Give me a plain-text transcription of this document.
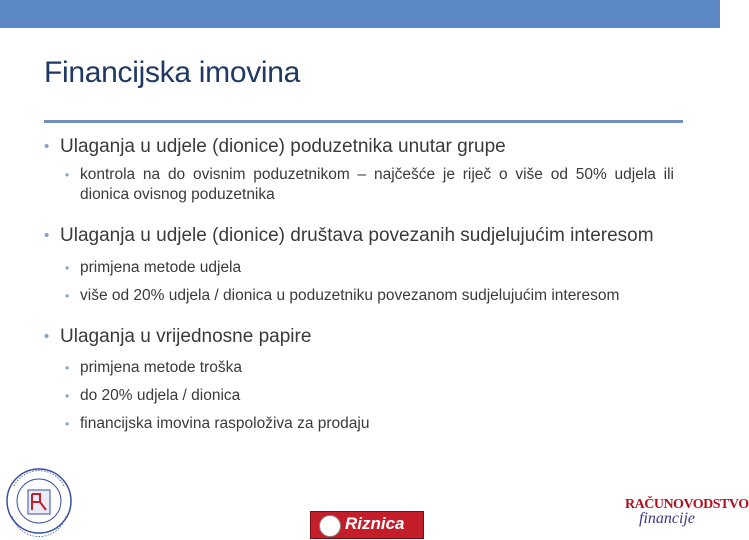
Financijska imovina
• Ulaganja u udjele (dionice) poduzetnika unutar grupe
• kontrola na do ovisnim poduzetnikom – najčešće je riječ o više od 50% udjela ili dionica ovisnog poduzetnika
• Ulaganja u udjele (dionice) društava povezanih sudjelujućim interesom
• primjena metode udjela
• više od 20% udjela / dionica u poduzetniku povezanom sudjelujućim interesom
• Ulaganja u vrijednosne papire
• primjena metode troška
• do 20% udjela / dionica
• financijska imovina raspoloživa za prodaju
Riznica
RAČUNOVODSTVO
financije
